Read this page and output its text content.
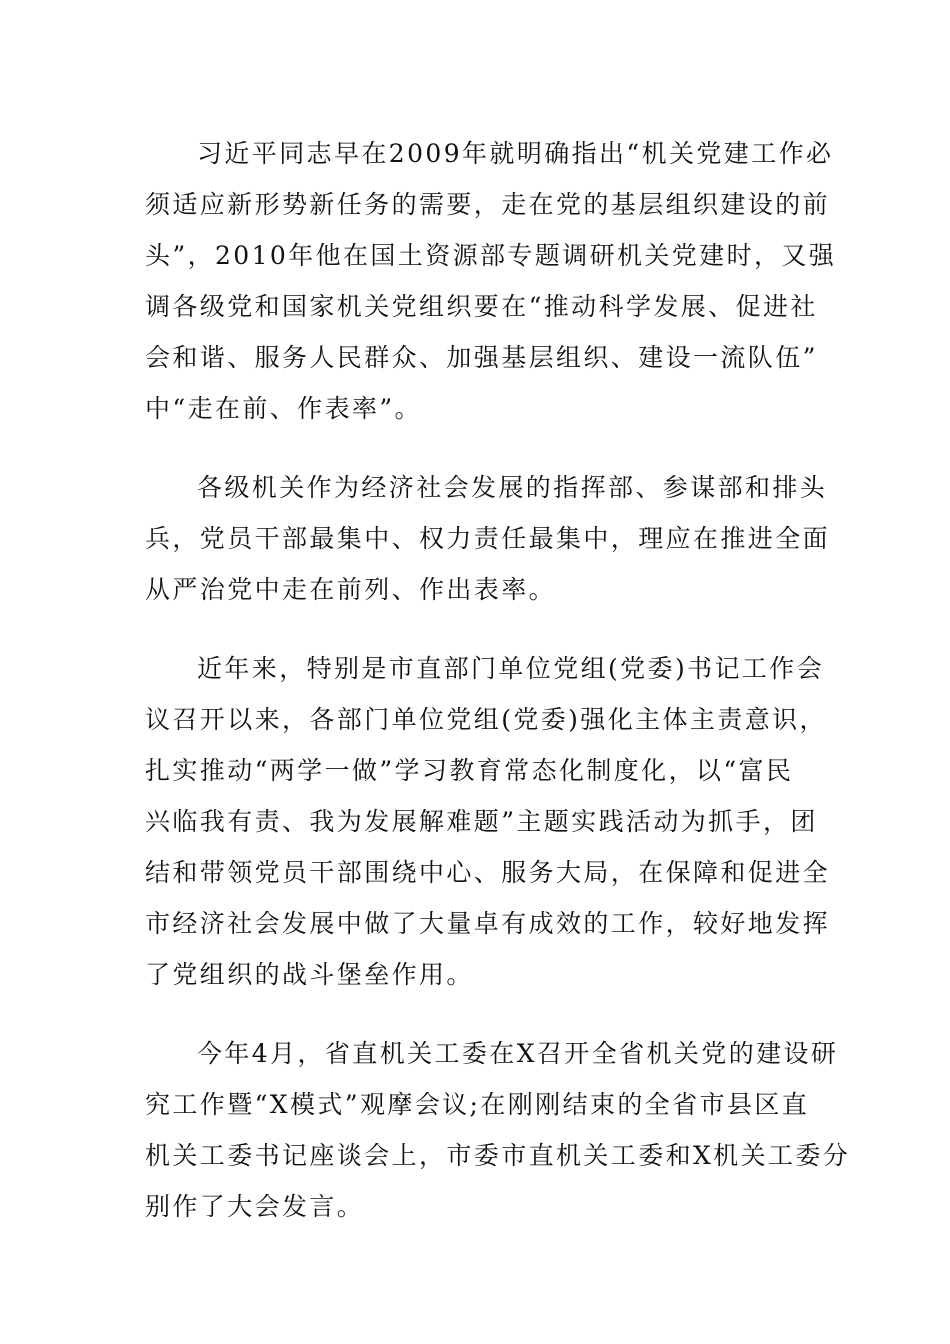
习近平同志早在2009年就明确指出“机关党建工作必
须适应新形势新任务的需要，走在党的基层组织建设的前
头”，2010年他在国土资源部专题调研机关党建时，又强
调各级党和国家机关党组织要在“推动科学发展、促进社
会和谐、服务人民群众、加强基层组织、建设一流队伍”
中“走在前、作表率”。

各级机关作为经济社会发展的指挥部、参谋部和排头
兵，党员干部最集中、权力责任最集中，理应在推进全面
从严治党中走在前列、作出表率。

近年来，特别是市直部门单位党组(党委)书记工作会
议召开以来，各部门单位党组(党委)强化主体主责意识，
扎实推动“两学一做”学习教育常态化制度化，以“富民
兴临我有责、我为发展解难题”主题实践活动为抓手，团
结和带领党员干部围绕中心、服务大局，在保障和促进全
市经济社会发展中做了大量卓有成效的工作，较好地发挥
了党组织的战斗堡垒作用。

今年4月，省直机关工委在X召开全省机关党的建设研
究工作暨“X模式”观摩会议;在刚刚结束的全省市县区直
机关工委书记座谈会上，市委市直机关工委和X机关工委分
别作了大会发言。
